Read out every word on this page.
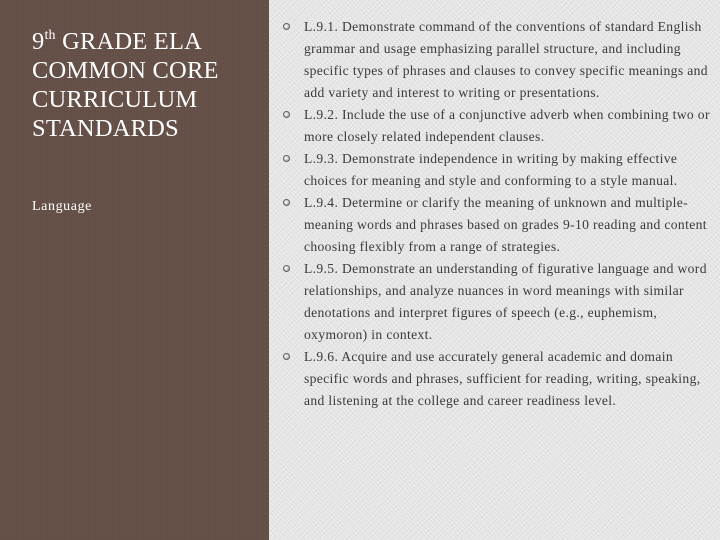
9th GRADE ELA COMMON CORE CURRICULUM STANDARDS
Language
L.9.1. Demonstrate command of the conventions of standard English grammar and usage emphasizing parallel structure, and including specific types of phrases and clauses to convey specific meanings and add variety and interest to writing or presentations.
L.9.2. Include the use of a conjunctive adverb when combining two or more closely related independent clauses.
L.9.3. Demonstrate independence in writing by making effective choices for meaning and style and conforming to a style manual.
L.9.4. Determine or clarify the meaning of unknown and multiple-meaning words and phrases based on grades 9-10 reading and content choosing flexibly from a range of strategies.
L.9.5. Demonstrate an understanding of figurative language and word relationships, and analyze nuances in word meanings with similar denotations and interpret figures of speech (e.g., euphemism, oxymoron) in context.
L.9.6. Acquire and use accurately general academic and domain specific words and phrases, sufficient for reading, writing, speaking, and listening at the college and career readiness level.
